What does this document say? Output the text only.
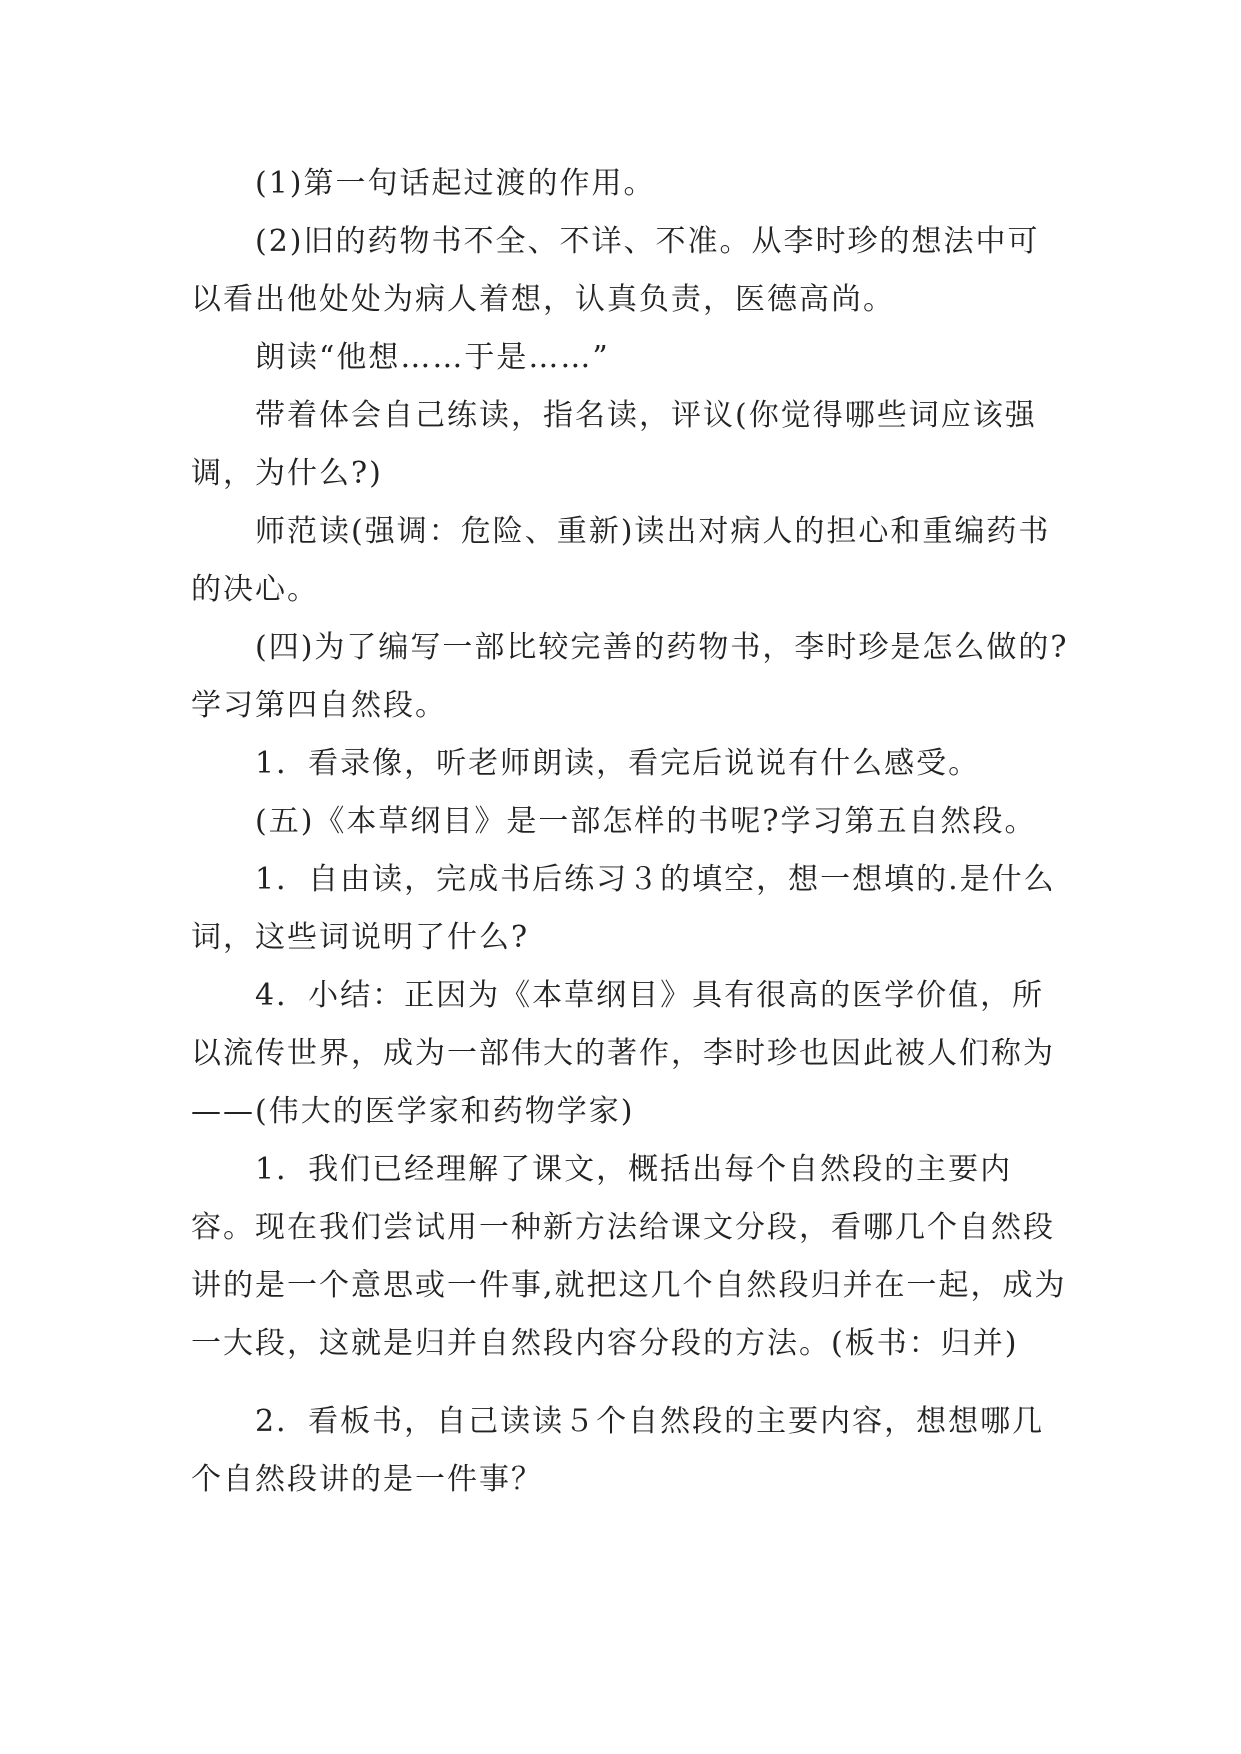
(1)第一句话起过渡的作用。

(2)旧的药物书不全、不详、不准。从李时珍的想法中可以看出他处处为病人着想，认真负责，医德高尚。

朗读“他想……于是……”

带着体会自己练读，指名读，评议(你觉得哪些词应该强调，为什么?)

师范读(强调：危险、重新)读出对病人的担心和重编药书的决心。

(四)为了编写一部比较完善的药物书，李时珍是怎么做的?学习第四自然段。

1．看录像，听老师朗读，看完后说说有什么感受。

(五)《本草纲目》是一部怎样的书呢?学习第五自然段。

1．自由读，完成书后练习３的填空，想一想填的.是什么词，这些词说明了什么?

4．小结：正因为《本草纲目》具有很高的医学价值，所以流传世界，成为一部伟大的著作，李时珍也因此被人们称为——(伟大的医学家和药物学家)

1．我们已经理解了课文，概括出每个自然段的主要内容。现在我们尝试用一种新方法给课文分段，看哪几个自然段讲的是一个意思或一件事,就把这几个自然段归并在一起，成为一大段，这就是归并自然段内容分段的方法。(板书：归并)

2．看板书，自己读读５个自然段的主要内容，想想哪几个自然段讲的是一件事？
